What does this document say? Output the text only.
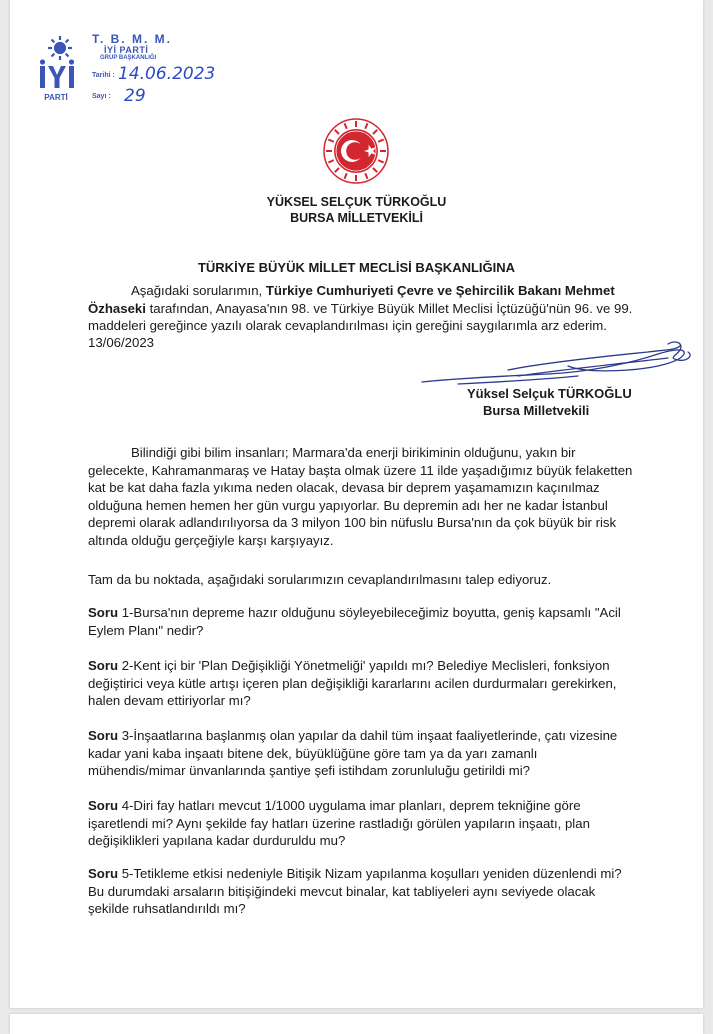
PARTİ
T. B. M. M.
İYİ PARTİ
GRUP BAŞKANLIĞI
Tarihi : 14.06.2023
Sayı : 29
YÜKSEL SELÇUK TÜRKOĞLU
BURSA MİLLETVEKİLİ
TÜRKİYE BÜYÜK MİLLET MECLİSİ BAŞKANLIĞINA
Aşağıdaki sorularımın, Türkiye Cumhuriyeti Çevre ve Şehircilik Bakanı Mehmet Özhaseki tarafından, Anayasa'nın 98. ve Türkiye Büyük Millet Meclisi İçtüzüğü'nün 96. ve 99. maddeleri gereğince yazılı olarak cevaplandırılması için gereğini saygılarımla arz ederim.
13/06/2023
Yüksel Selçuk TÜRKOĞLU
Bursa Milletvekili
Bilindiği gibi bilim insanları; Marmara'da enerji birikiminin olduğunu, yakın bir gelecekte, Kahramanmaraş ve Hatay başta olmak üzere 11 ilde yaşadığımız büyük felaketten kat be kat daha fazla yıkıma neden olacak, devasa bir deprem yaşamamızın kaçınılmaz olduğuna hemen hemen her gün vurgu yapıyorlar. Bu depremin adı her ne kadar İstanbul depremi olarak adlandırılıyorsa da 3 milyon 100 bin nüfuslu Bursa'nın da çok büyük bir risk altında olduğu gerçeğiyle karşı karşıyayız.
Tam da bu noktada, aşağıdaki sorularımızın cevaplandırılmasını talep ediyoruz.
Soru 1-Bursa'nın depreme hazır olduğunu söyleyebileceğimiz boyutta, geniş kapsamlı "Acil Eylem Planı" nedir?
Soru 2-Kent içi bir 'Plan Değişikliği Yönetmeliği' yapıldı mı? Belediye Meclisleri, fonksiyon değiştirici veya kütle artışı içeren plan değişikliği kararlarını acilen durdurmaları gerekirken, halen devam ettiriyorlar mı?
Soru 3-İnşaatlarına başlanmış olan yapılar da dahil tüm inşaat faaliyetlerinde, çatı vizesine kadar yani kaba inşaatı bitene dek, büyüklüğüne göre tam ya da yarı zamanlı mühendis/mimar ünvanlarında şantiye şefi istihdam zorunluluğu getirildi mi?
Soru 4-Diri fay hatları mevcut 1/1000 uygulama imar planları, deprem tekniğine göre işaretlendi mi? Aynı şekilde fay hatları üzerine rastladığı görülen yapıların inşaatı, plan değişiklikleri yapılana kadar durduruldu mu?
Soru 5-Tetikleme etkisi nedeniyle Bitişik Nizam yapılanma koşulları yeniden düzenlendi mi? Bu durumdaki arsaların bitişiğindeki mevcut binalar, kat tabliyeleri aynı seviyede olacak şekilde ruhsatlandırıldı mı?
